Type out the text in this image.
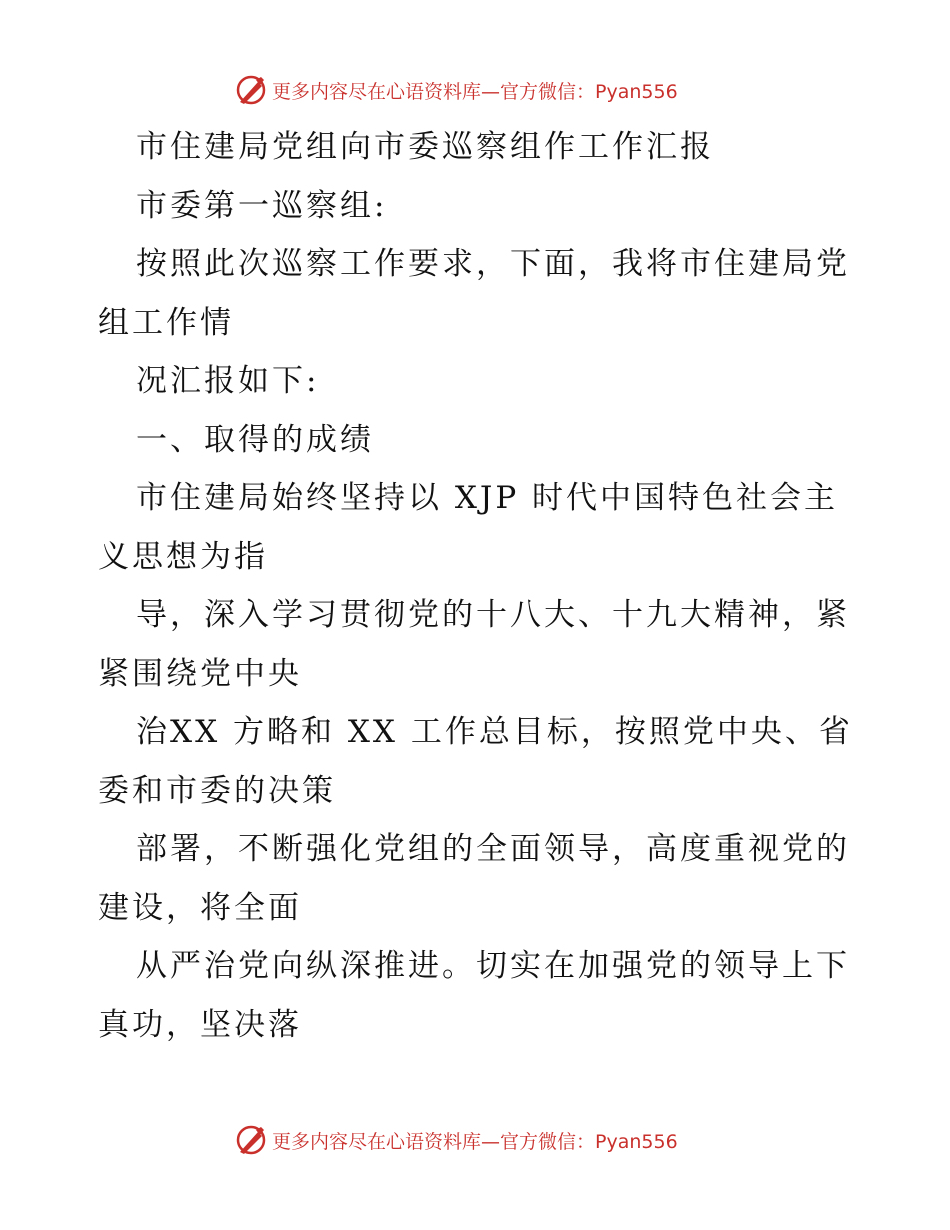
更多内容尽在心语资料库—官方微信：Pyan556
市住建局党组向市委巡察组作工作汇报
市委第一巡察组:
按照此次巡察工作要求，下面，我将市住建局党
组工作情
况汇报如下:
一、取得的成绩
市住建局始终坚持以 XJP 时代中国特色社会主
义思想为指
导，深入学习贯彻党的十八大、十九大精神，紧
紧围绕党中央
治XX 方略和 XX 工作总目标，按照党中央、省
委和市委的决策
部署，不断强化党组的全面领导，高度重视党的
建设，将全面
从严治党向纵深推进。切实在加强党的领导上下
真功，坚决落
更多内容尽在心语资料库—官方微信：Pyan556
